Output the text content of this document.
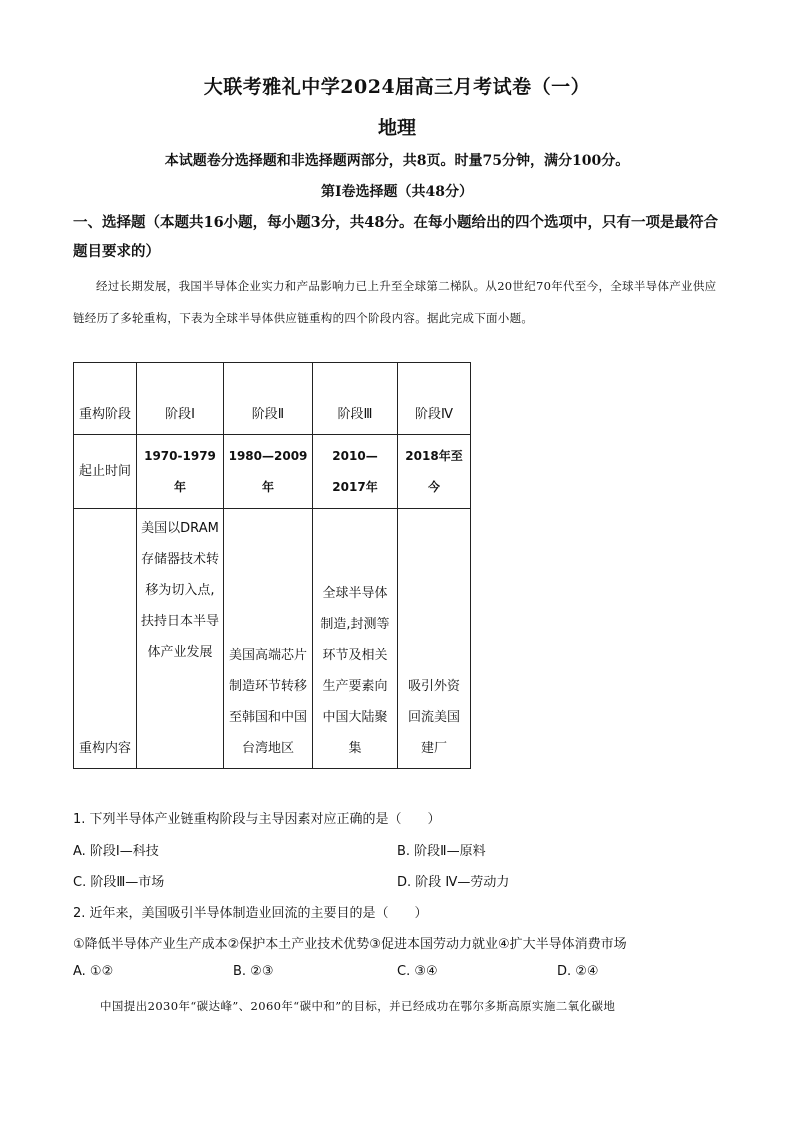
大联考雅礼中学2024届高三月考试卷（一）
地理
本试题卷分选择题和非选择题两部分，共8页。时量75分钟，满分100分。
第Ⅰ卷选择题（共48分）
一、选择题（本题共16小题，每小题3分，共48分。在每小题给出的四个选项中，只有一项是最符合题目要求的）
经过长期发展，我国半导体企业实力和产品影响力已上升至全球第二梯队。从20世纪70年代至今，全球半导体产业供应链经历了多轮重构，下表为全球半导体供应链重构的四个阶段内容。据此完成下面小题。
重构阶段	阶段Ⅰ	阶段Ⅱ	阶段Ⅲ	阶段Ⅳ
起止时间	1970-1979年	1980—2009年	2010—2017年	2018年至今
重构内容	美国以DRAM存储器技术转移为切入点,扶持日本半导体产业发展	美国高端芯片制造环节转移至韩国和中国台湾地区	全球半导体制造,封测等环节及相关生产要素向中国大陆聚集	吸引外资回流美国建厂
1. 下列半导体产业链重构阶段与主导因素对应正确的是（　　）
A. 阶段Ⅰ—科技	B. 阶段Ⅱ—原料
C. 阶段Ⅲ—市场	D. 阶段 Ⅳ—劳动力
2. 近年来，美国吸引半导体制造业回流的主要目的是（　　）
①降低半导体产业生产成本②保护本土产业技术优势③促进本国劳动力就业④扩大半导体消费市场
A. ①②	B. ②③	C. ③④	D. ②④
中国提出2030年“碳达峰”、2060年“碳中和”的目标，并已经成功在鄂尔多斯高原实施二氧化碳地
